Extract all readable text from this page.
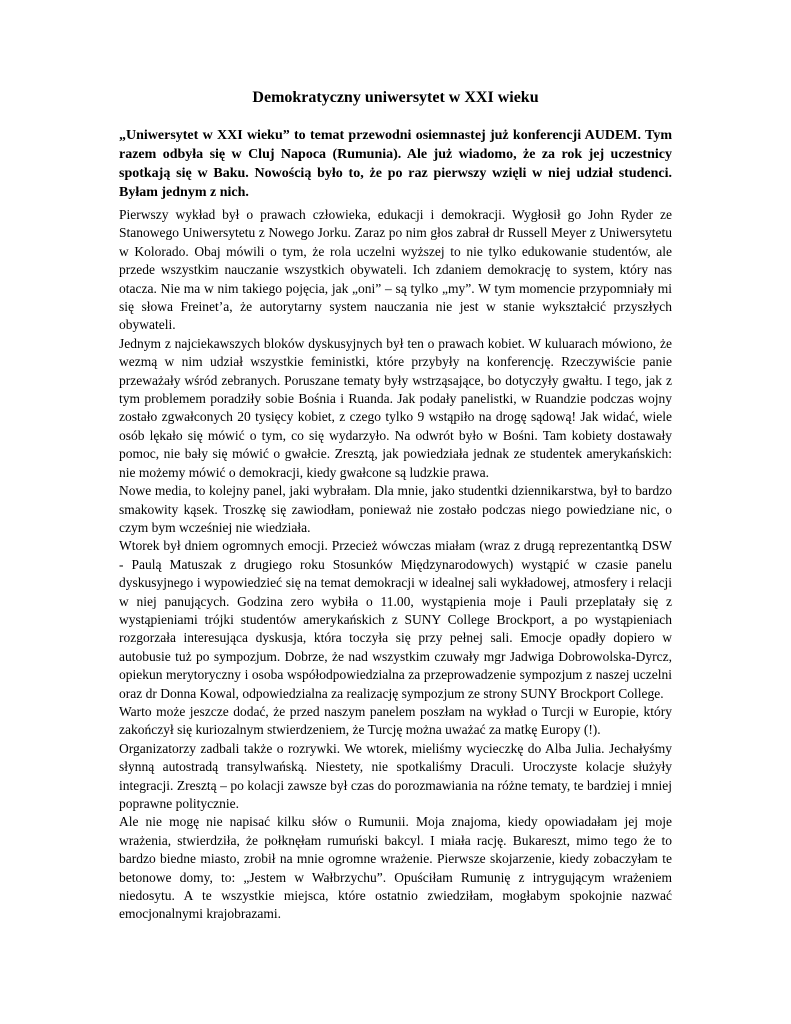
Demokratyczny uniwersytet w XXI wieku

„Uniwersytet w XXI wieku” to temat przewodni osiemnastej już konferencji AUDEM. Tym razem odbyła się w Cluj Napoca (Rumunia). Ale już wiadomo, że za rok jej uczestnicy spotkają się w Baku. Nowością było to, że po raz pierwszy wzięli w niej udział studenci. Byłam jednym z nich.

Pierwszy wykład był o prawach człowieka, edukacji i demokracji. Wygłosił go John Ryder ze Stanowego Uniwersytetu z Nowego Jorku. Zaraz po nim głos zabrał dr Russell Meyer z Uniwersytetu w Kolorado. Obaj mówili o tym, że rola uczelni wyższej to nie tylko edukowanie studentów, ale przede wszystkim nauczanie wszystkich obywateli. Ich zdaniem demokrację to system, który nas otacza. Nie ma w nim takiego pojęcia, jak „oni” – są tylko „my”. W tym momencie przypomniały mi się słowa Freinet’a, że autorytarny system nauczania nie jest w stanie wykształcić przyszłych obywateli.

Jednym z najciekawszych bloków dyskusyjnych był ten o prawach kobiet. W kuluarach mówiono, że wezmą w nim udział wszystkie feministki, które przybyły na konferencję. Rzeczywiście panie przeważały wśród zebranych. Poruszane tematy były wstrząsające, bo dotyczyły gwałtu. I tego, jak z tym problemem poradziły sobie Bośnia i Ruanda. Jak podały panelistki, w Ruandzie podczas wojny zostało zgwałconych 20 tysięcy kobiet, z czego tylko 9 wstąpiło na drogę sądową! Jak widać, wiele osób lękało się mówić o tym, co się wydarzyło. Na odwrót było w Bośni. Tam kobiety dostawały pomoc, nie bały się mówić o gwałcie. Zresztą, jak powiedziała jednak ze studentek amerykańskich: nie możemy mówić o demokracji, kiedy gwałcone są ludzkie prawa.

Nowe media, to kolejny panel, jaki wybrałam. Dla mnie, jako studentki dziennikarstwa, był to bardzo smakowity kąsek. Troszkę się zawiodłam, ponieważ nie zostało podczas niego powiedziane nic, o czym bym wcześniej nie wiedziała.

Wtorek był dniem ogromnych emocji. Przecież wówczas miałam (wraz z drugą reprezentantką DSW - Paulą Matuszak z drugiego roku Stosunków Międzynarodowych) wystąpić w czasie panelu dyskusyjnego i wypowiedzieć się na temat demokracji w idealnej sali wykładowej, atmosfery i relacji w niej panujących. Godzina zero wybiła o 11.00, wystąpienia moje i Pauli przeplatały się z wystąpieniami trójki studentów amerykańskich z SUNY College Brockport, a po wystąpieniach rozgorzała interesująca dyskusja, która toczyła się przy pełnej sali. Emocje opadły dopiero w autobusie tuż po sympozjum. Dobrze, że nad wszystkim czuwały mgr Jadwiga Dobrowolska-Dyrcz, opiekun merytoryczny i osoba współodpowiedzialna za przeprowadzenie sympozjum z naszej uczelni oraz dr Donna Kowal, odpowiedzialna za realizację sympozjum ze strony SUNY Brockport College.

Warto może jeszcze dodać, że przed naszym panelem poszłam na wykład o Turcji w Europie, który zakończył się kuriozalnym stwierdzeniem, że Turcję można uważać za matkę Europy (!).

Organizatorzy zadbali także o rozrywki. We wtorek, mieliśmy wycieczkę do Alba Julia. Jechałyśmy słynną autostradą transylwańską. Niestety, nie spotkaliśmy Draculi. Uroczyste kolacje służyły integracji. Zresztą – po kolacji zawsze był czas do porozmawiania na różne tematy, te bardziej i mniej poprawne politycznie.

Ale nie mogę nie napisać kilku słów o Rumunii. Moja znajoma, kiedy opowiadałam jej moje wrażenia, stwierdziła, że połknęłam rumuński bakcyl. I miała rację. Bukareszt, mimo tego że to bardzo biedne miasto, zrobił na mnie ogromne wrażenie. Pierwsze skojarzenie, kiedy zobaczyłam te betonowe domy, to: „Jestem w Wałbrzychu”. Opuściłam Rumunię z intrygującym wrażeniem niedosytu. A te wszystkie miejsca, które ostatnio zwiedziłam, mogłabym spokojnie nazwać emocjonalnymi krajobrazami.
